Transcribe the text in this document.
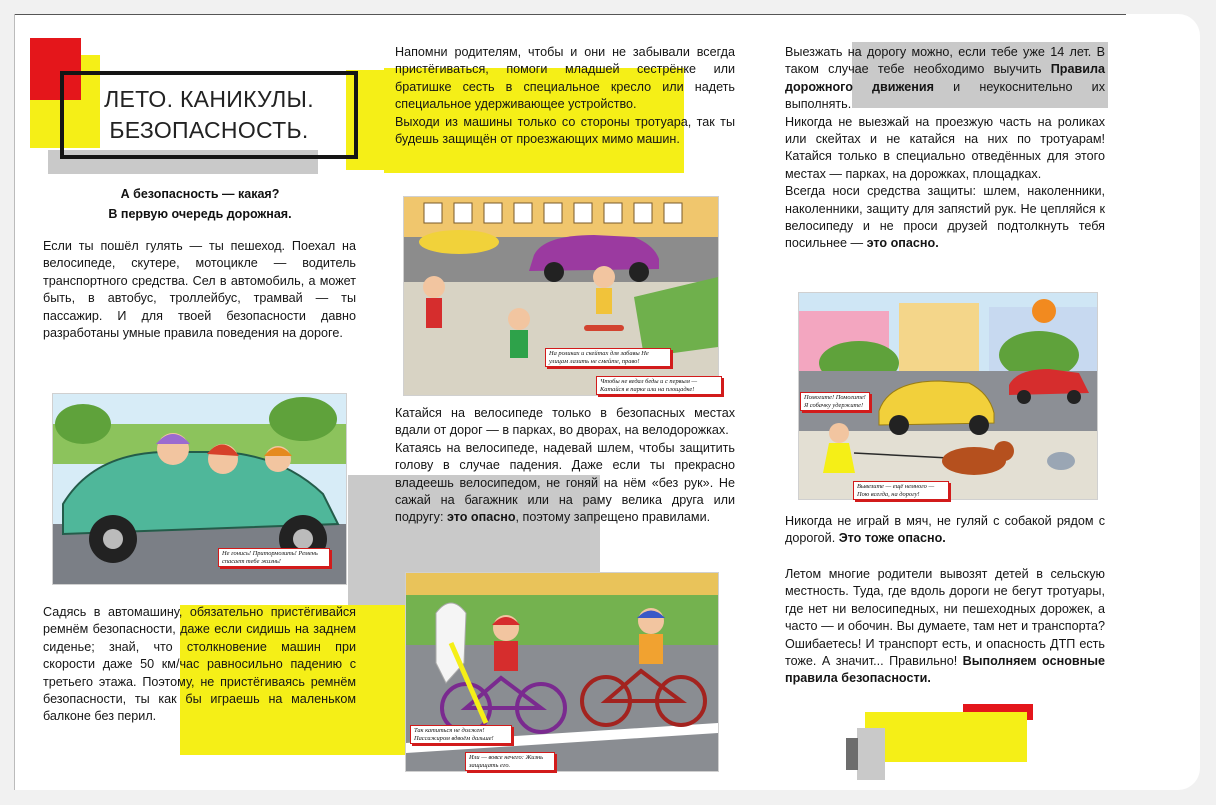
ЛЕТО. КАНИКУЛЫ.
БЕЗОПАСНОСТЬ.
А безопасность — какая?
В первую очередь дорожная.

Если ты пошёл гулять — ты пешеход. Поехал на велосипеде, скутере, мотоцикле — водитель транспортного средства. Сел в автомобиль, а может быть, в автобус, троллейбус, трамвай — ты пассажир. И для твоей безопасности давно разработаны умные правила поведения на дороге.

Не гонись! Притормозить! Ремень спасает тебе жизнь!

Садясь в автомашину, обязательно пристёгивайся ремнём безопасности, даже если сидишь на заднем сиденье; знай, что столкновение машин при скорости даже 50 км/час равносильно падению с третьего этажа. Поэтому, не пристёгиваясь ремнём безопасности, ты как бы играешь на маленьком балконе без перил.

Напомни родителям, чтобы и они не забывали всегда пристёгиваться, помоги младшей сестрёнке или братишке сесть в специальное кресло или надеть специальное удерживающее устройство.

Выходи из машины только со стороны тротуара, так ты будешь защищён от проезжающих мимо машин.

На роликах и скейтах для забавы Не улицам лазить не смейте, право!
Чтобы не ведал беды и с первым — Катайся в парке или на площадке!

Катайся на велосипеде только в безопасных местах вдали от дорог — в парках, во дворах, на велодорожках.

Катаясь на велосипеде, надевай шлем, чтобы защитить голову в случае падения. Даже если ты прекрасно владеешь велосипедом, не гоняй на нём «без рук». Не сажай на багажник или на раму велика друга или подругу: это опасно, поэтому запрещено правилами.

Так катиться не должен! Пассажиром вдвоём дальше!
Или — вовсе нечего: Жизнь защищать его.

Выезжать на дорогу можно, если тебе уже 14 лет. В таком случае тебе необходимо выучить Правила дорожного движения и неукоснительно их выполнять.

Никогда не выезжай на проезжую часть на роликах или скейтах и не катайся на них по тротуарам! Катайся только в специально отведённых для этого местах — парках, на дорожках, площадках.

Всегда носи средства защиты: шлем, наколенники, наколенники, защиту для запястий рук. Не цепляйся к велосипеду и не проси друзей подтолкнуть тебя посильнее — это опасно.

Помогите! Помогите! Я собачку удержите!
Вывезите — ещё немного — Пою всегда, на дорогу!

Никогда не играй в мяч, не гуляй с собакой рядом с дорогой. Это тоже опасно.

Летом многие родители вывозят детей в сельскую местность. Туда, где вдоль дороги не бегут тротуары, где нет ни велосипедных, ни пешеходных дорожек, а часто — и обочин. Вы думаете, там нет и транспорта? Ошибаетесь! И транспорт есть, и опасность ДТП есть тоже. А значит... Правильно! Выполняем основные правила безопасности.
